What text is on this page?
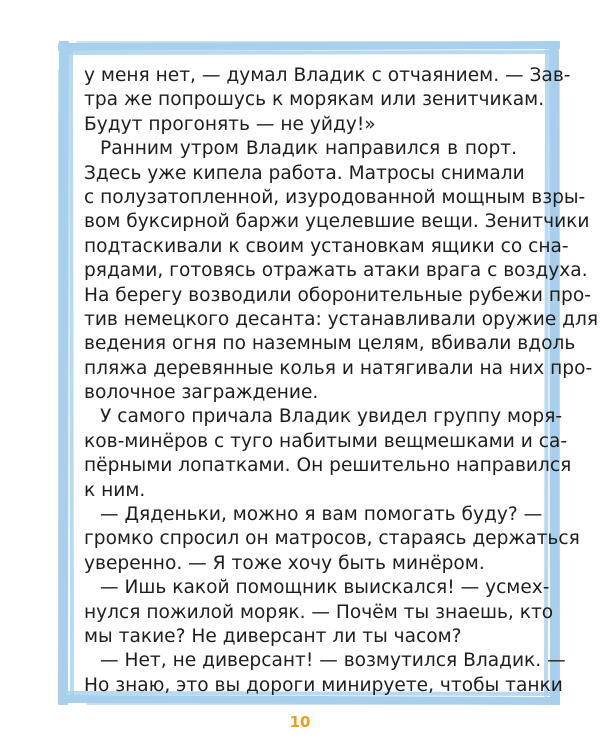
у меня нет, — думал Владик с отчаянием. — Зав-
тра же попрошусь к морякам или зенитчикам.
Будут прогонять — не уйду!»
Ранним утром Владик направился в порт.
Здесь уже кипела работа. Матросы снимали
с полузатопленной, изуродованной мощным взры-
вом буксирной баржи уцелевшие вещи. Зенитчики
подтаскивали к своим установкам ящики со сна-
рядами, готовясь отражать атаки врага с воздуха.
На берегу возводили оборонительные рубежи про-
тив немецкого десанта: устанавливали оружие для
ведения огня по наземным целям, вбивали вдоль
пляжа деревянные колья и натягивали на них про-
волочное заграждение.
У самого причала Владик увидел группу моря-
ков-минёров с туго набитыми вещмешками и са-
пёрными лопатками. Он решительно направился
к ним.
— Дяденьки, можно я вам помогать буду? —
громко спросил он матросов, стараясь держаться
уверенно. — Я тоже хочу быть минёром.
— Ишь какой помощник выискался! — усмех-
нулся пожилой моряк. — Почём ты знаешь, кто
мы такие? Не диверсант ли ты часом?
— Нет, не диверсант! — возмутился Владик. —
Но знаю, это вы дороги минируете, чтобы танки
10
